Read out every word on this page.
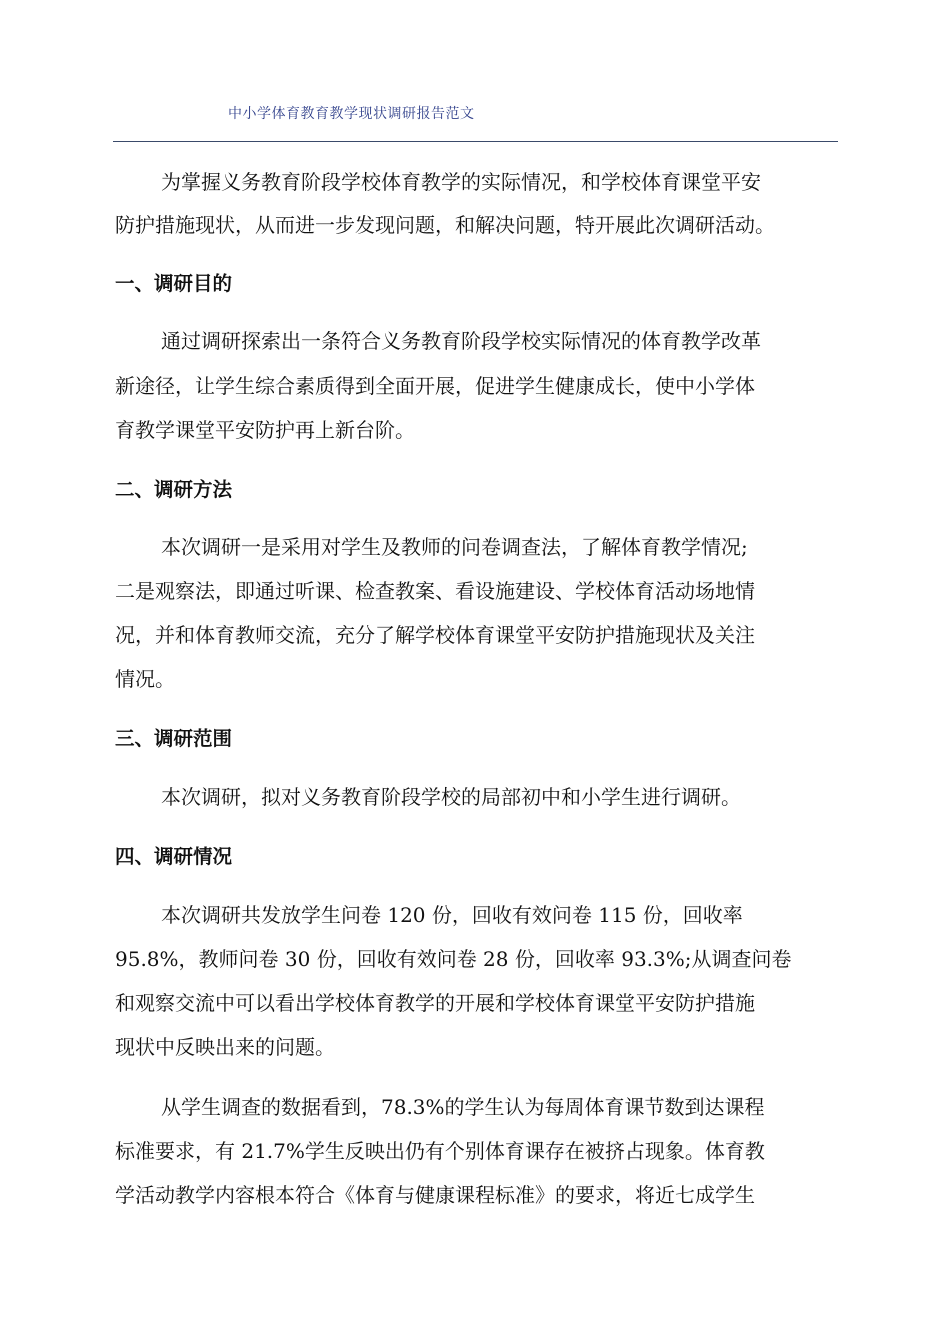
中小学体育教育教学现状调研报告范文
为掌握义务教育阶段学校体育教学的实际情况，和学校体育课堂平安
防护措施现状，从而进一步发现问题，和解决问题，特开展此次调研活动。
一、调研目的
通过调研探索出一条符合义务教育阶段学校实际情况的体育教学改革
新途径，让学生综合素质得到全面开展，促进学生健康成长，使中小学体
育教学课堂平安防护再上新台阶。
二、调研方法
本次调研一是采用对学生及教师的问卷调查法，了解体育教学情况;
二是观察法，即通过听课、检查教案、看设施建设、学校体育活动场地情
况，并和体育教师交流，充分了解学校体育课堂平安防护措施现状及关注
情况。
三、调研范围
本次调研，拟对义务教育阶段学校的局部初中和小学生进行调研。
四、调研情况
本次调研共发放学生问卷 120 份，回收有效问卷 115 份，回收率
95.8%，教师问卷 30 份，回收有效问卷 28 份，回收率 93.3%;从调查问卷
和观察交流中可以看出学校体育教学的开展和学校体育课堂平安防护措施
现状中反映出来的问题。
从学生调查的数据看到，78.3%的学生认为每周体育课节数到达课程
标准要求，有 21.7%学生反映出仍有个别体育课存在被挤占现象。体育教
学活动教学内容根本符合《体育与健康课程标准》的要求，将近七成学生
